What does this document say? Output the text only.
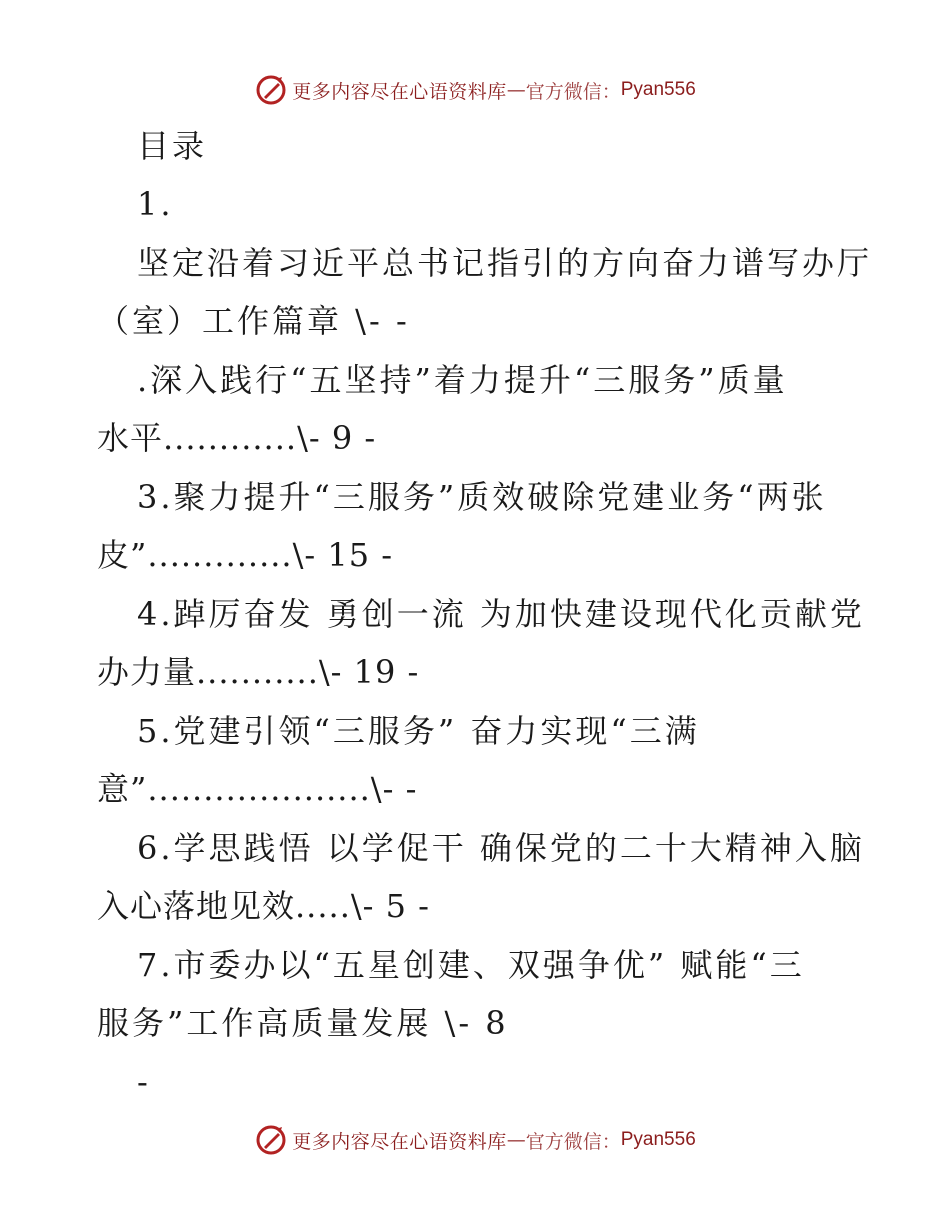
更多内容尽在心语资料库 — 官方微信： Pyan556
目录
1.
坚定沿着习近平总书记指引的方向奋力谱写办厅
（室）工作篇章 \- -
.深入践行“五坚持”着力提升“三服务”质量
水平............\- 9 -
3.聚力提升“三服务”质效破除党建业务“两张
皮”.............\- 15 -
4.踔厉奋发 勇创一流 为加快建设现代化贡献党
办力量...........\- 19 -
5.党建引领“三服务” 奋力实现“三满
意”....................\- -
6.学思践悟 以学促干 确保党的二十大精神入脑
入心落地见效.....\- 5 -
7.市委办以“五星创建、双强争优” 赋能“三
服务”工作高质量发展 \- 8
-
更多内容尽在心语资料库 — 官方微信： Pyan556
